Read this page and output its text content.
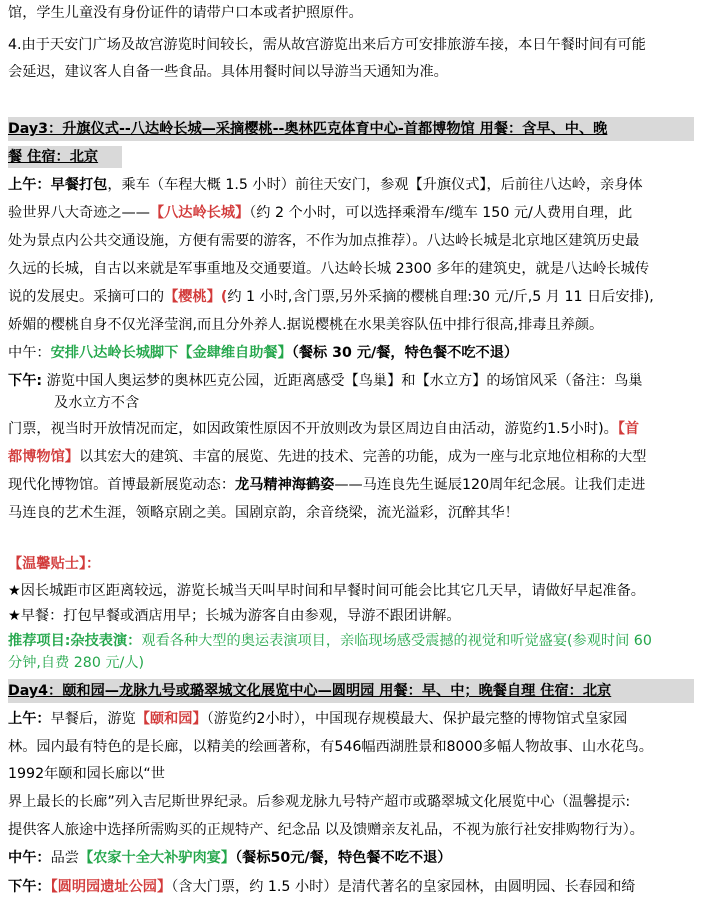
馆，学生儿童没有身份证件的请带户口本或者护照原件。
4.由于天安门广场及故宫游览时间较长，需从故宫游览出来后方可安排旅游车接，本日午餐时间有可能
会延迟，建议客人自备一些食品。具体用餐时间以导游当天通知为准。
Day3：升旗仪式--八达岭长城—采摘樱桃--奥林匹克体育中心-首都博物馆 用餐：含早、中、晚
餐 住宿：北京
上午：早餐打包，乘车（车程大概 1.5 小时）前往天安门，参观【升旗仪式】，后前往八达岭，亲身体
验世界八大奇迹之——【八达岭长城】（约 2 个小时，可以选择乘滑车/缆车 150 元/人费用自理，此
处为景点内公共交通设施，方便有需要的游客，不作为加点推荐）。八达岭长城是北京地区建筑历史最
久远的长城，自古以来就是军事重地及交通要道。八达岭长城 2300 多年的建筑史，就是八达岭长城传
说的发展史。采摘可口的【樱桃】(约 1 小时,含门票,另外采摘的樱桃自理:30 元/斤,5 月 11 日后安排),
娇媚的樱桃自身不仅光泽莹润,而且分外养人.据说樱桃在水果美容队伍中排行很高,排毒且养颜。
中午：安排八达岭长城脚下【金肆维自助餐】（餐标 30 元/餐，特色餐不吃不退）
下午: 游览中国人奥运梦的奥林匹克公园，近距离感受【鸟巢】和【水立方】的场馆风采（备注：鸟巢
及水立方不含
门票，视当时开放情况而定，如因政策性原因不开放则改为景区周边自由活动，游览约1.5小时)。【首
都博物馆】以其宏大的建筑、丰富的展览、先进的技术、完善的功能，成为一座与北京地位相称的大型
现代化博物馆。首博最新展览动态：龙马精神海鹤姿——马连良先生诞辰120周年纪念展。让我们走进
马连良的艺术生涯，领略京剧之美。国剧京韵，余音绕梁，流光溢彩，沉醉其华！
【温馨贴士】：
★因长城距市区距离较远，游览长城当天叫早时间和早餐时间可能会比其它几天早，请做好早起准备。
★早餐：打包早餐或酒店用早；长城为游客自由参观，导游不跟团讲解。
推荐项目:杂技表演：观看各种大型的奥运表演项目，亲临现场感受震撼的视觉和听觉盛宴(参观时间 60
分钟,自费 280 元/人)
Day4：颐和园—龙脉九号或璐翠城文化展览中心—圆明园 用餐：早、中；晚餐自理 住宿：北京
上午：早餐后，游览【颐和园】（游览约2小时），中国现存规模最大、保护最完整的博物馆式皇家园
林。园内最有特色的是长廊，以精美的绘画著称，有546幅西湖胜景和8000多幅人物故事、山水花鸟。
1992年颐和园长廊以“世
界上最长的长廊”列入吉尼斯世界纪录。后参观龙脉九号特产超市或璐翠城文化展览中心（温馨提示:
提供客人旅途中选择所需购买的正规特产、纪念品 以及馈赠亲友礼品，不视为旅行社安排购物行为）。
中午：品尝【农家十全大补驴肉宴】（餐标50元/餐，特色餐不吃不退）
下午：【圆明园遗址公园】（含大门票，约 1.5 小时）是清代著名的皇家园林，由圆明园、长春园和绮
